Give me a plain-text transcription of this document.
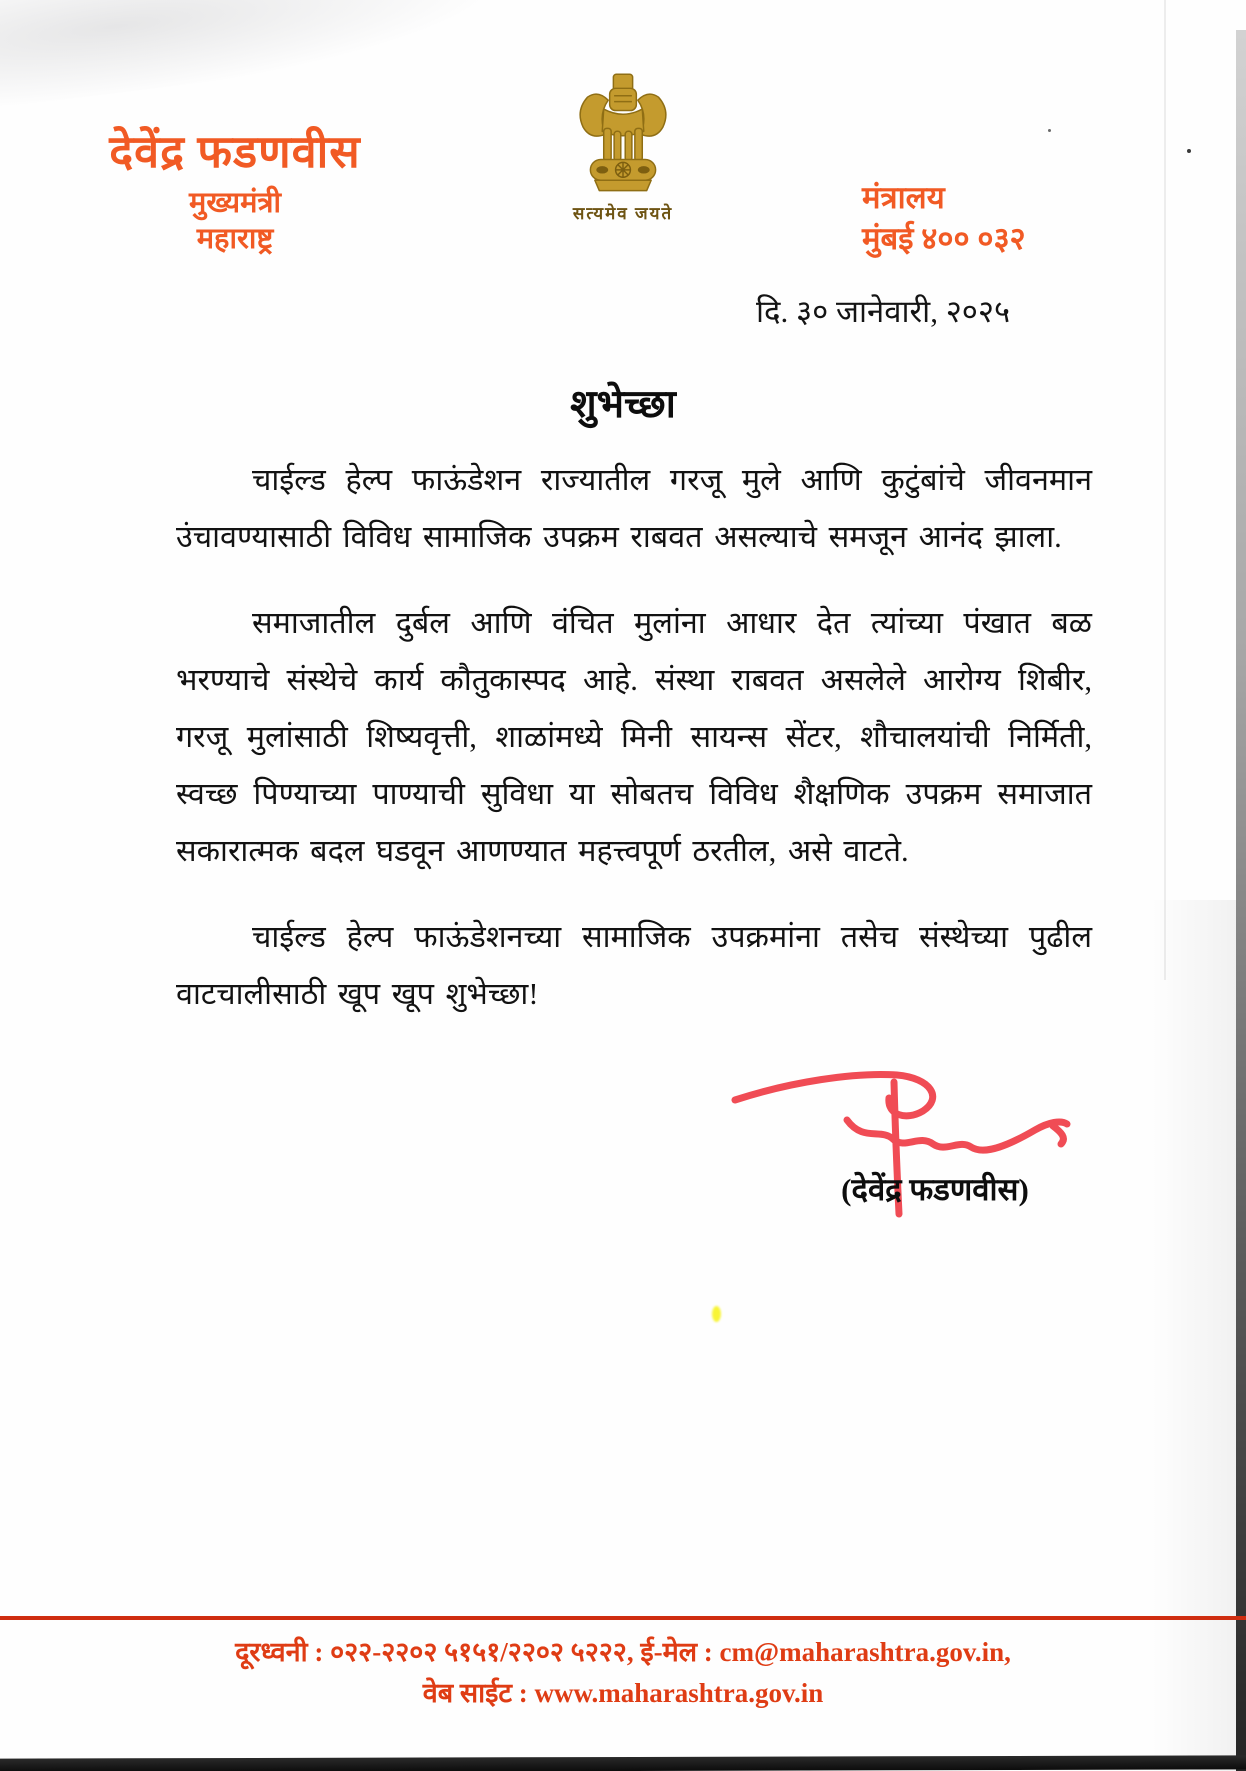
देवेंद्र फडणवीस
मुख्यमंत्री
महाराष्ट्र
सत्यमेव जयते	मंत्रालय
मुंबई ४०० ०३२
दि. ३० जानेवारी, २०२५
शुभेच्छा

चाईल्ड हेल्प फाऊंडेशन राज्यातील गरजू मुले आणि कुटुंबांचे जीवनमान उंचावण्यासाठी विविध सामाजिक उपक्रम राबवत असल्याचे समजून आनंद झाला.

समाजातील दुर्बल आणि वंचित मुलांना आधार देत त्यांच्या पंखात बळ भरण्याचे संस्थेचे कार्य कौतुकास्पद आहे. संस्था राबवत असलेले आरोग्य शिबीर, गरजू मुलांसाठी शिष्यवृत्ती, शाळांमध्ये मिनी सायन्स सेंटर, शौचालयांची निर्मिती, स्वच्छ पिण्याच्या पाण्याची सुविधा या सोबतच विविध शैक्षणिक उपक्रम समाजात सकारात्मक बदल घडवून आणण्यात महत्त्वपूर्ण ठरतील, असे वाटते.

चाईल्ड हेल्प फाऊंडेशनच्या सामाजिक उपक्रमांना तसेच संस्थेच्या पुढील वाटचालीसाठी खूप खूप शुभेच्छा!

(देवेंद्र फडणवीस)
दूरध्वनी : ०२२-२२०२ ५१५१/२२०२ ५२२२, ई-मेल : cm@maharashtra.gov.in,
वेब साईट : www.maharashtra.gov.in
